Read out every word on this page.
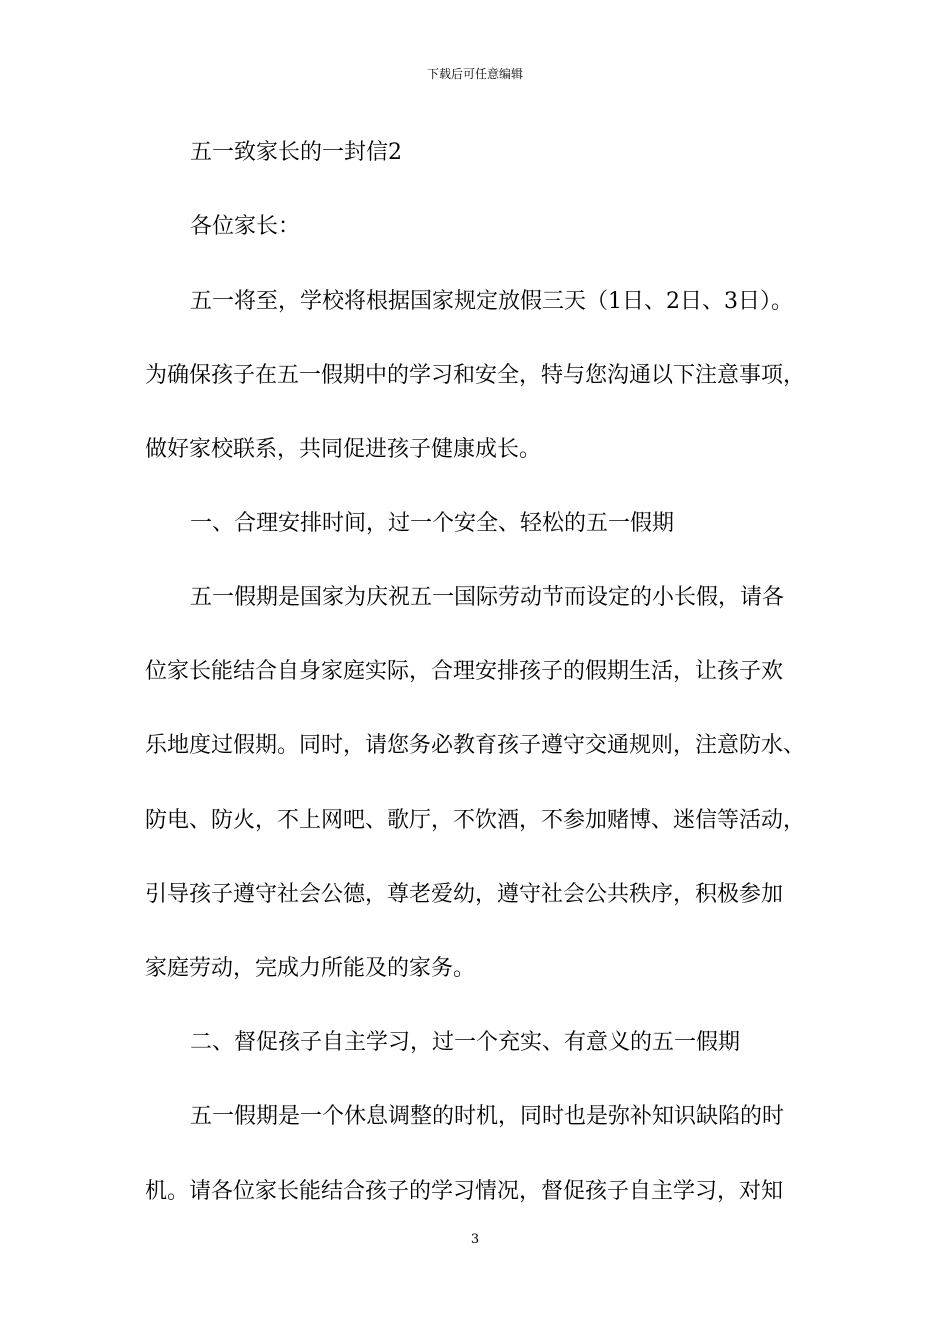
下载后可任意编辑
五一致家长的一封信2
各位家长：
五一将至，学校将根据国家规定放假三天（1日、2日、3日）。
为确保孩子在五一假期中的学习和安全，特与您沟通以下注意事项，
做好家校联系，共同促进孩子健康成长。
一、合理安排时间，过一个安全、轻松的五一假期
五一假期是国家为庆祝五一国际劳动节而设定的小长假，请各
位家长能结合自身家庭实际，合理安排孩子的假期生活，让孩子欢
乐地度过假期。同时，请您务必教育孩子遵守交通规则，注意防水、
防电、防火，不上网吧、歌厅，不饮酒，不参加赌博、迷信等活动，
引导孩子遵守社会公德，尊老爱幼，遵守社会公共秩序，积极参加
家庭劳动，完成力所能及的家务。
二、督促孩子自主学习，过一个充实、有意义的五一假期
五一假期是一个休息调整的时机，同时也是弥补知识缺陷的时
机。请各位家长能结合孩子的学习情况，督促孩子自主学习，对知
3
